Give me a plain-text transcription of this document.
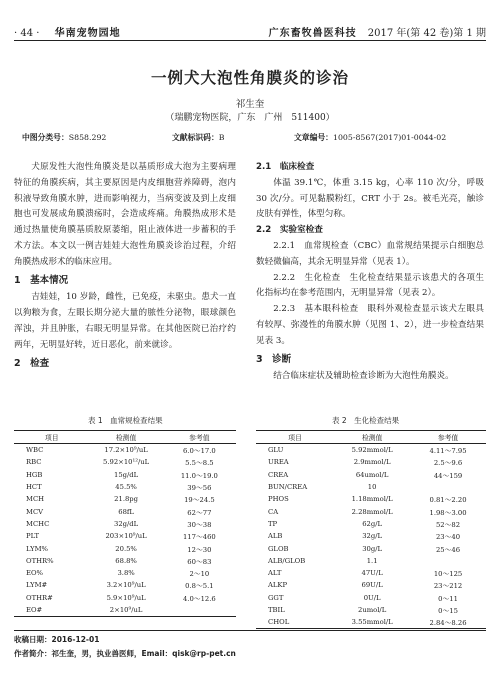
· 44 · 华南宠物园地	广东畜牧兽医科技 2017 年(第 42 卷)第 1 期
一例犬大泡性角膜炎的诊治
祁生奎
（瑞鹏宠物医院，广东　广州　511400）
中图分类号：S858.292	文献标识码：B	文章编号：1005-8567(2017)01-0044-02

犬原发性大泡性角膜炎是以基质形成大泡为主要病理特征的角膜疾病，其主要原因是内皮细胞营养障碍，泡内积液导致角膜水肿，进而影响视力，当病变波及到上皮细胞也可发展成角膜溃疡时，会造成疼痛。角膜热成形术是通过热量使角膜基质胶原萎缩，阻止液体进一步蓄积的手术方法。本文以一例吉娃娃大泡性角膜炎诊治过程，介绍角膜热成形术的临床应用。

1　基本情况

吉娃娃，10 岁龄，雌性，已免疫，未驱虫。患犬一直以狗粮为食，左眼长期分泌大量的脓性分泌物，眼球颜色浑浊，并且肿胀，右眼无明显异常。在其他医院已治疗约两年，无明显好转，近日恶化，前来就诊。

2　检查
2.1　临床检查

体温 39.1℃，体重 3.15 kg，心率 110 次/分，呼吸 30 次/分。可见黏膜粉红，CRT 小于 2s。被毛光亮，触诊皮肤有弹性，体型匀称。

2.2　实验室检查

2.2.1　血常规检查（CBC）血常规结果提示白细胞总数轻微偏高，其余无明显异常（见表 1）。

2.2.2　生化检查　生化检查结果显示该患犬的各项生化指标均在参考范围内，无明显异常（见表 2）。

2.2.3　基本眼科检查　眼科外观检查显示该犬左眼具有较厚、弥漫性的角膜水肿（见图 1、2），进一步检查结果见表 3。

3　诊断

结合临床症状及辅助检查诊断为大泡性角膜炎。

表 1　血常规检查结果
项目	检测值	参考值
WBC	17.2×10⁹/uL	6.0～17.0
RBC	5.92×10¹²/uL	5.5～8.5
HGB	15g/dL	11.0～19.0
HCT	45.5%	39～56
MCH	21.8pg	19～24.5
MCV	68fL	62～77
MCHC	32g/dL	30～38
PLT	203×10⁹/uL	117～460
LYM%	20.5%	12～30
OTHR%	68.8%	60～83
EO%	3.8%	2～10
LYM#	3.2×10⁹/uL	0.8～5.1
OTHR#	5.9×10⁹/uL	4.0～12.6
EO#	2×10⁹/uL	
表 2　生化检查结果
项目	检测值	参考值
GLU	5.92mmol/L	4.11～7.95
UREA	2.9mmol/L	2.5～9.6
CREA	64umol/L	44～159
BUN/CREA	10	
PHOS	1.18mmol/L	0.81～2.20
CA	2.28mmol/L	1.98～3.00
TP	62g/L	52～82
ALB	32g/L	23～40
GLOB	30g/L	25～46
ALB/GLOB	1.1	
ALT	47U/L	10～125
ALKP	69U/L	23～212
GGT	0U/L	0～11
TBIL	2umol/L	0～15
CHOL	3.55mmol/L	2.84～8.26
收稿日期：2016-12-01
作者简介：祁生奎，男，执业兽医师，Email：qisk@rp-pet.cn
